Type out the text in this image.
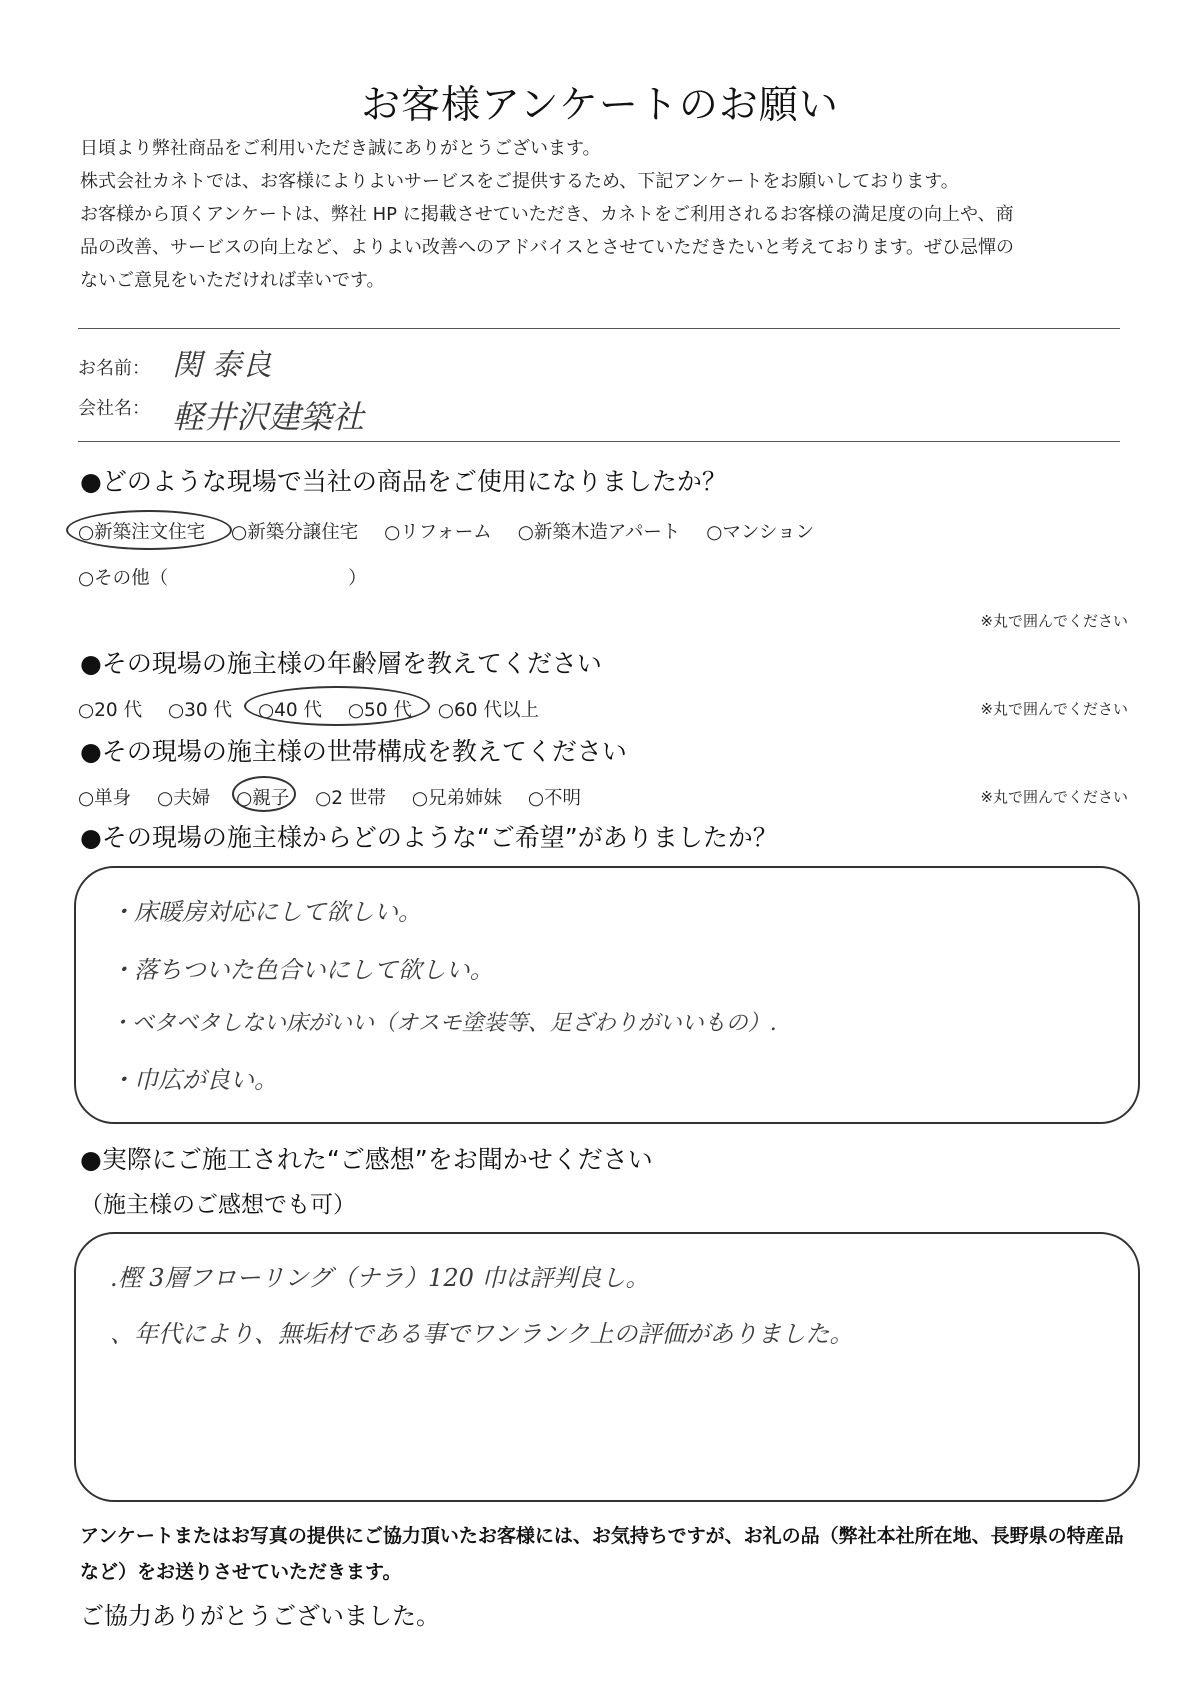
お客様アンケートのお願い
日頃より弊社商品をご利用いただき誠にありがとうございます。
株式会社カネトでは、お客様によりよいサービスをご提供するため、下記アンケートをお願いしております。
お客様から頂くアンケートは、弊社 HP に掲載させていただき、カネトをご利用されるお客様の満足度の向上や、商
品の改善、サービスの向上など、よりよい改善へのアドバイスとさせていただきたいと考えております。ぜひ忌憚の
ないご意見をいただければ幸いです。
お名前： 関 泰良
会社名： 軽井沢建築社
●どのような現場で当社の商品をご使用になりましたか？
○新築注文住宅 ○新築分譲住宅 ○リフォーム ○新築木造アパート ○マンション
○その他（	）
※丸で囲んでください
●その現場の施主様の年齢層を教えてください
○20 代 ○30 代 ○40 代 ○50 代 ○60 代以上	※丸で囲んでください
●その現場の施主様の世帯構成を教えてください
○単身 ○夫婦 ○親子 ○2 世帯 ○兄弟姉妹 ○不明	※丸で囲んでください
●その現場の施主様からどのような“ご希望”がありましたか？
・床暖房対応にして欲しい。
・落ちついた色合いにして欲しい。
・ベタベタしない床がいい（オスモ塗装等、足ざわりがいいもの）.
・巾広が良い。
●実際にご施工された“ご感想”をお聞かせください
（施主様のご感想でも可）
.樫 3層フローリング（ナラ）120 巾は評判良し。
、年代により、無垢材である事でワンランク上の評価がありました。
アンケートまたはお写真の提供にご協力頂いたお客様には、お気持ちですが、お礼の品（弊社本社所在地、長野県の特産品など）をお送りさせていただきます。
ご協力ありがとうございました。
